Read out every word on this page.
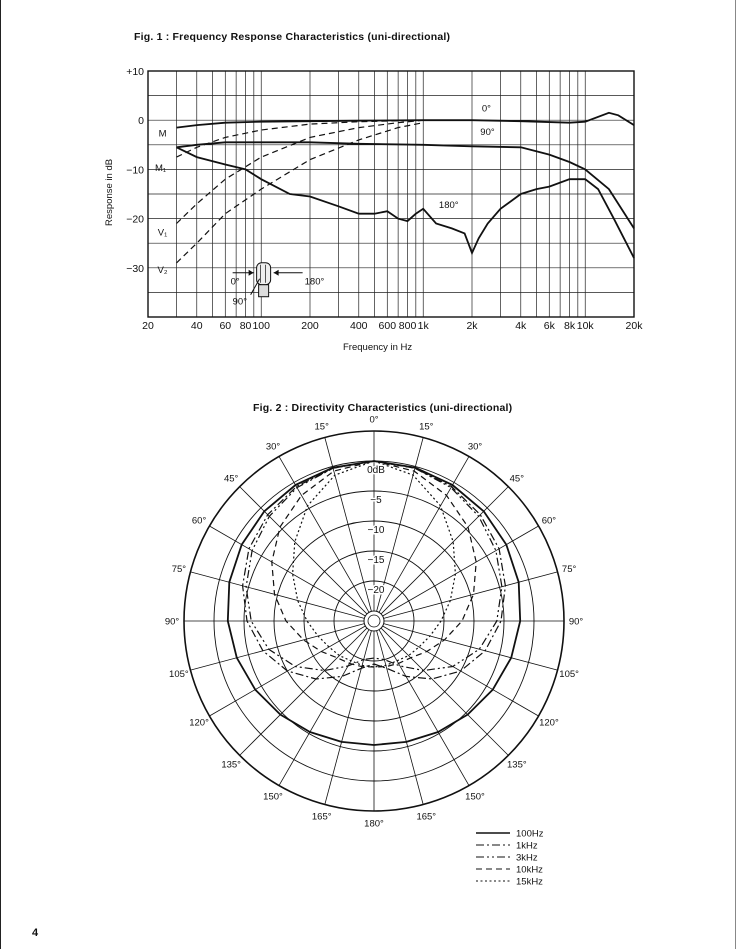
Fig. 1 : Frequency Response Characteristics (uni-directional)
20	40 60 80 100	200	400 600 800 1k	2k	4k 6k 8k 10k	20k
+10
0
−10
−20
−30
M
M₁
V₁
V₂
0°
90°
180°
0°	180°
90°
Frequency in Hz
Response in dB
Fig. 2 : Directivity Characteristics (uni-directional)
0dB
−5
−10
−15
−20
0°
15°
30°
45°
60°
75°
90°
105°
120°
135°
150°
165°
180°
165°
150°
135°
120°
105°
90°
75°
60°
45°
30°
15°
100Hz
1kHz
3kHz
10kHz
15kHz
4
